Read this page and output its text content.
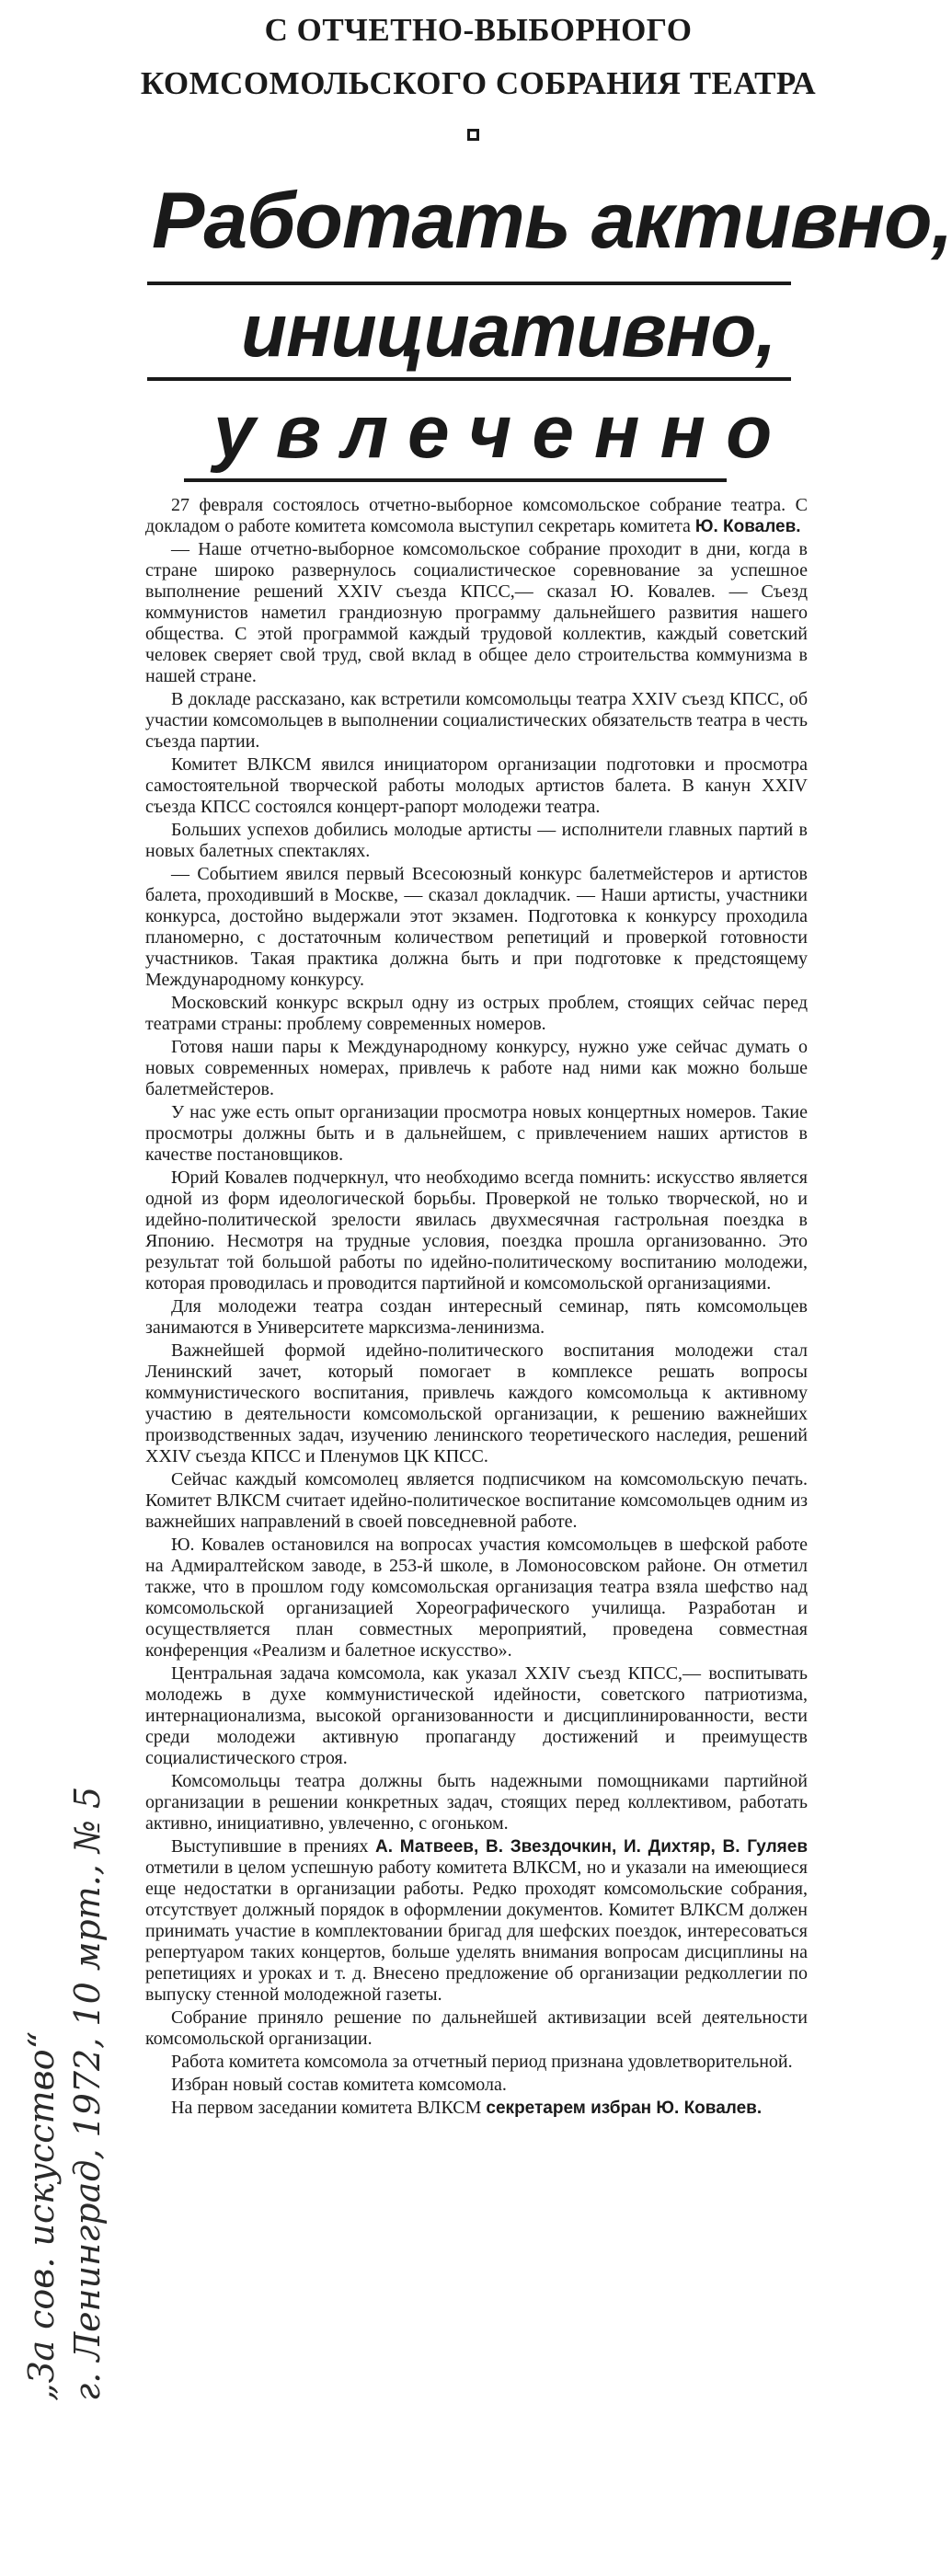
С ОТЧЕТНО-ВЫБОРНОГО
КОМСОМОЛЬСКОГО СОБРАНИЯ ТЕАТРА
Работать активно,
инициативно,
увлеченно
„За сов. искусство“ г. Ленинград, 1972, 10 мрт., № 5

27 февраля состоялось отчетно-выборное комсомольское собрание театра. С докладом о работе комитета комсомола выступил секретарь комитета Ю. Ковалев.

— Наше отчетно-выборное комсомольское собрание проходит в дни, когда в стране широко развернулось социалистическое соревнование за успешное выполнение решений XXIV съезда КПСС,— сказал Ю. Ковалев. — Съезд коммунистов наметил грандиозную программу дальнейшего развития нашего общества. С этой программой каждый трудовой коллектив, каждый советский человек сверяет свой труд, свой вклад в общее дело строительства коммунизма в нашей стране.

В докладе рассказано, как встретили комсомольцы театра XXIV съезд КПСС, об участии комсомольцев в выполнении социалистических обязательств театра в честь съезда партии.

Комитет ВЛКСМ явился инициатором организации подготовки и просмотра самостоятельной творческой работы молодых артистов балета. В канун XXIV съезда КПСС состоялся концерт-рапорт молодежи театра.

Больших успехов добились молодые артисты — исполнители главных партий в новых балетных спектаклях.

— Событием явился первый Всесоюзный конкурс балетмейстеров и артистов балета, проходивший в Москве, — сказал докладчик. — Наши артисты, участники конкурса, достойно выдержали этот экзамен. Подготовка к конкурсу проходила планомерно, с достаточным количеством репетиций и проверкой готовности участников. Такая практика должна быть и при подготовке к предстоящему Международному конкурсу.

Московский конкурс вскрыл одну из острых проблем, стоящих сейчас перед театрами страны: проблему современных номеров.

Готовя наши пары к Международному конкурсу, нужно уже сейчас думать о новых современных номерах, привлечь к работе над ними как можно больше балетмейстеров.

У нас уже есть опыт организации просмотра новых концертных номеров. Такие просмотры должны быть и в дальнейшем, с привлечением наших артистов в качестве постановщиков.

Юрий Ковалев подчеркнул, что необходимо всегда помнить: искусство является одной из форм идеологической борьбы. Проверкой не только творческой, но и идейно-политической зрелости явилась двухмесячная гастрольная поездка в Японию. Несмотря на трудные условия, поездка прошла организованно. Это результат той большой работы по идейно-политическому воспитанию молодежи, которая проводилась и проводится партийной и комсомольской организациями.

Для молодежи театра создан интересный семинар, пять комсомольцев занимаются в Университете марксизма-ленинизма.

Важнейшей формой идейно-политического воспитания молодежи стал Ленинский зачет, который помогает в комплексе решать вопросы коммунистического воспитания, привлечь каждого комсомольца к активному участию в деятельности комсомольской организации, к решению важнейших производственных задач, изучению ленинского теоретического наследия, решений XXIV съезда КПСС и Пленумов ЦК КПСС.

Сейчас каждый комсомолец является подписчиком на комсомольскую печать. Комитет ВЛКСМ считает идейно-политическое воспитание комсомольцев одним из важнейших направлений в своей повседневной работе.

Ю. Ковалев остановился на вопросах участия комсомольцев в шефской работе на Адмиралтейском заводе, в 253-й школе, в Ломоносовском районе. Он отметил также, что в прошлом году комсомольская организация театра взяла шефство над комсомольской организацией Хореографического училища. Разработан и осуществляется план совместных мероприятий, проведена совместная конференция «Реализм и балетное искусство».

Центральная задача комсомола, как указал XXIV съезд КПСС,— воспитывать молодежь в духе коммунистической идейности, советского патриотизма, интернационализма, высокой организованности и дисциплинированности, вести среди молодежи активную пропаганду достижений и преимуществ социалистического строя.

Комсомольцы театра должны быть надежными помощниками партийной организации в решении конкретных задач, стоящих перед коллективом, работать активно, инициативно, увлеченно, с огоньком.

Выступившие в прениях А. Матвеев, В. Звездочкин, И. Дихтяр, В. Гуляев отметили в целом успешную работу комитета ВЛКСМ, но и указали на имеющиеся еще недостатки в организации работы. Редко проходят комсомольские собрания, отсутствует должный порядок в оформлении документов. Комитет ВЛКСМ должен принимать участие в комплектовании бригад для шефских поездок, интересоваться репертуаром таких концертов, больше уделять внимания вопросам дисциплины на репетициях и уроках и т. д. Внесено предложение об организации редколлегии по выпуску стенной молодежной газеты.

Собрание приняло решение по дальнейшей активизации всей деятельности комсомольской организации.

Работа комитета комсомола за отчетный период признана удовлетворительной.

Избран новый состав комитета комсомола.

На первом заседании комитета ВЛКСМ секретарем избран Ю. Ковалев.
